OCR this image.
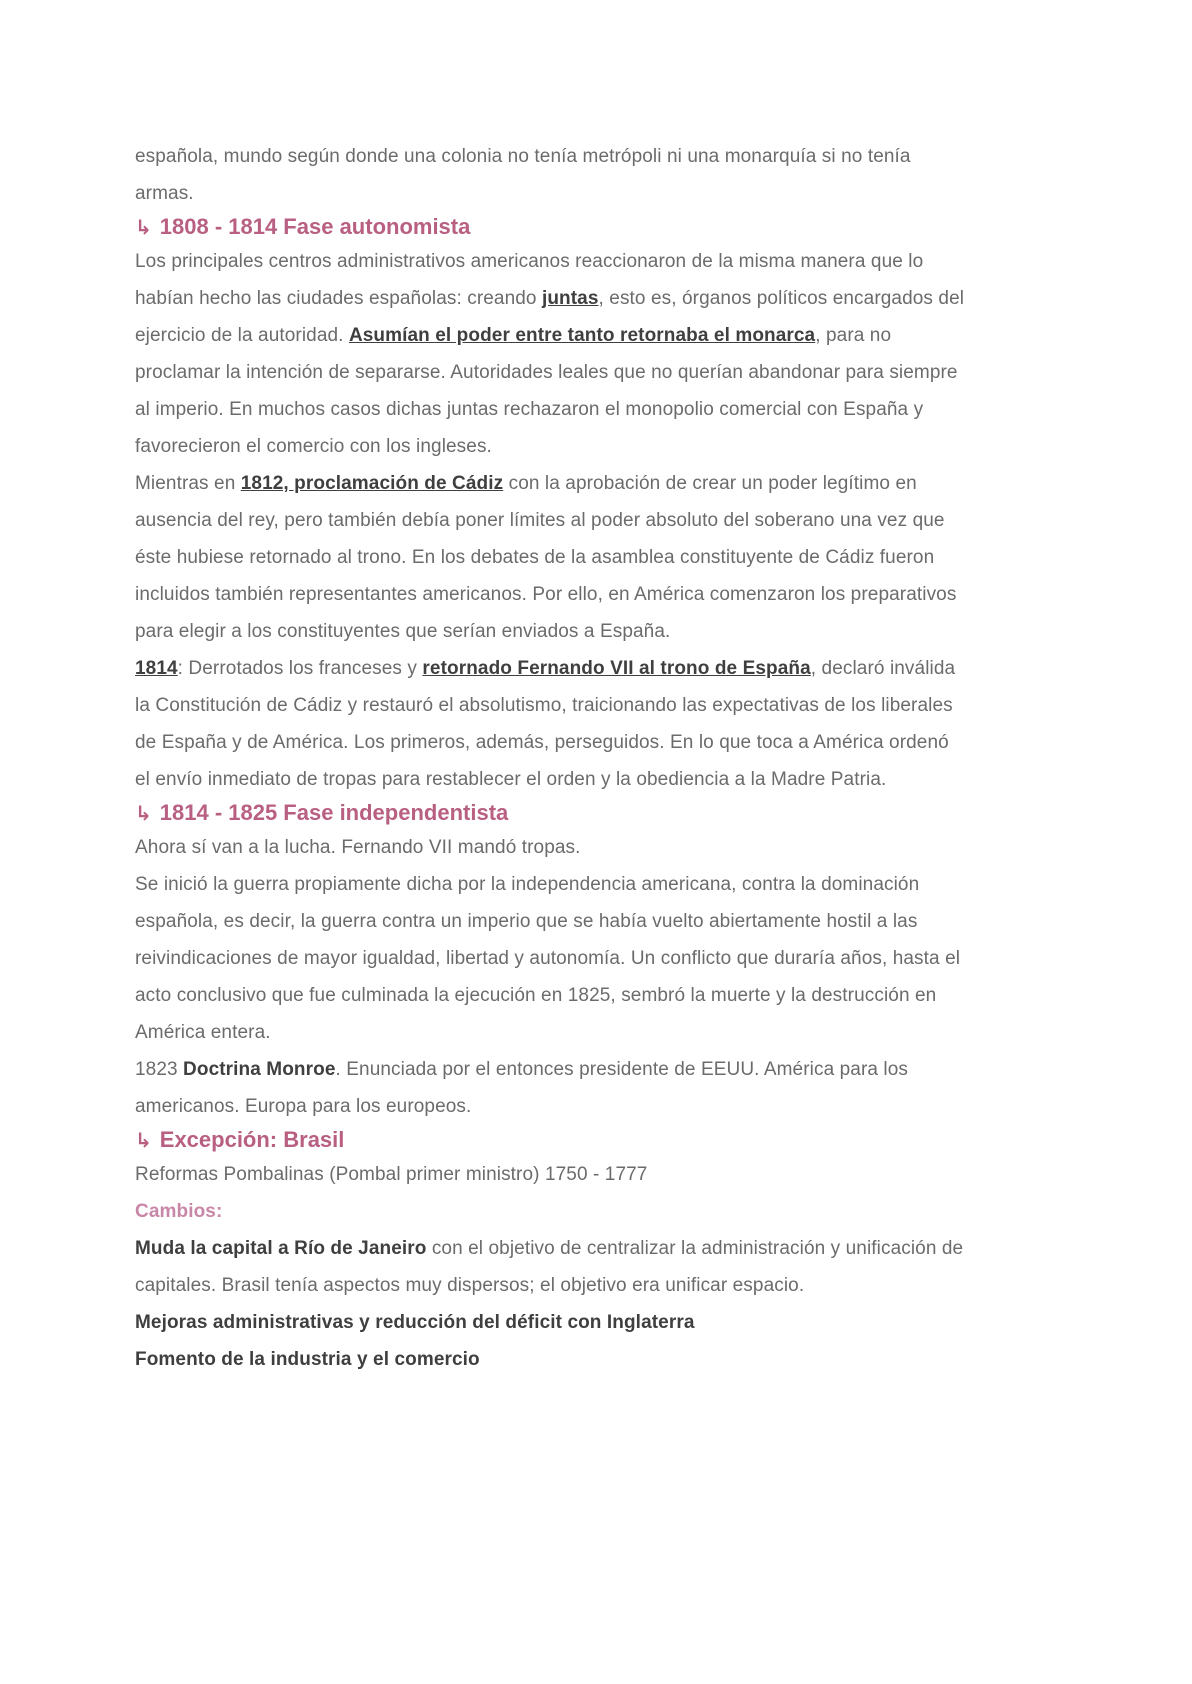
española, mundo según donde una colonia no tenía metrópoli ni una monarquía si no tenía armas.

↳ 1808 - 1814 Fase autonomista

Los principales centros administrativos americanos reaccionaron de la misma manera que lo habían hecho las ciudades españolas: creando juntas, esto es, órganos políticos encargados del ejercicio de la autoridad. Asumían el poder entre tanto retornaba el monarca, para no proclamar la intención de separarse. Autoridades leales que no querían abandonar para siempre al imperio. En muchos casos dichas juntas rechazaron el monopolio comercial con España y favorecieron el comercio con los ingleses.

Mientras en 1812, proclamación de Cádiz con la aprobación de crear un poder legítimo en ausencia del rey, pero también debía poner límites al poder absoluto del soberano una vez que éste hubiese retornado al trono. En los debates de la asamblea constituyente de Cádiz fueron incluidos también representantes americanos. Por ello, en América comenzaron los preparativos para elegir a los constituyentes que serían enviados a España.

1814: Derrotados los franceses y retornado Fernando VII al trono de España, declaró inválida la Constitución de Cádiz y restauró el absolutismo, traicionando las expectativas de los liberales de España y de América. Los primeros, además, perseguidos. En lo que toca a América ordenó el envío inmediato de tropas para restablecer el orden y la obediencia a la Madre Patria.

↳ 1814 - 1825 Fase independentista

Ahora sí van a la lucha. Fernando VII mandó tropas.

Se inició la guerra propiamente dicha por la independencia americana, contra la dominación española, es decir, la guerra contra un imperio que se había vuelto abiertamente hostil a las reivindicaciones de mayor igualdad, libertad y autonomía. Un conflicto que duraría años, hasta el acto conclusivo que fue culminada la ejecución en 1825, sembró la muerte y la destrucción en América entera.

1823 Doctrina Monroe. Enunciada por el entonces presidente de EEUU. América para los americanos. Europa para los europeos.

↳ Excepción: Brasil

Reformas Pombalinas (Pombal primer ministro) 1750 - 1777

Cambios:

Muda la capital a Río de Janeiro con el objetivo de centralizar la administración y unificación de capitales. Brasil tenía aspectos muy dispersos; el objetivo era unificar espacio.

Mejoras administrativas y reducción del déficit con Inglaterra

Fomento de la industria y el comercio
